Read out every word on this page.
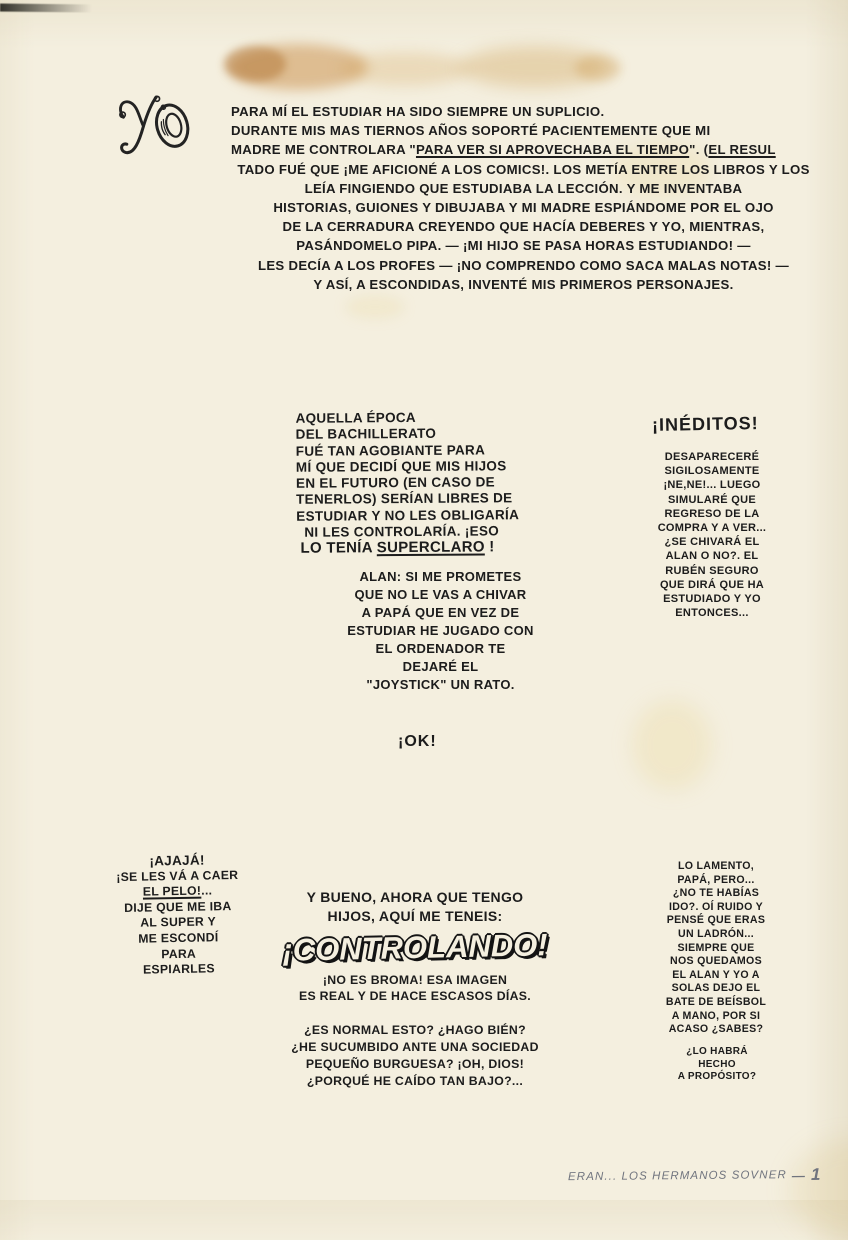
PARA MÍ EL ESTUDIAR HA SIDO SIEMPRE UN SUPLICIO.
DURANTE MIS MAS TIERNOS AÑOS SOPORTÉ PACIENTEMENTE QUE MI
MADRE ME CONTROLARA "PARA VER SI APROVECHABA EL TIEMPO". (EL RESUL
TADO FUÉ QUE ¡ME AFICIONÉ A LOS COMICS!. LOS METÍA ENTRE LOS LIBROS Y LOS
LEÍA FINGIENDO QUE ESTUDIABA LA LECCIÓN. Y ME INVENTABA
HISTORIAS, GUIONES Y DIBUJABA Y MI MADRE ESPIÁNDOME POR EL OJO
DE LA CERRADURA CREYENDO QUE HACÍA DEBERES Y YO, MIENTRAS,
PASÁNDOMELO PIPA. — ¡MI HIJO SE PASA HORAS ESTUDIANDO! —
LES DECÍA A LOS PROFES — ¡NO COMPRENDO COMO SACA MALAS NOTAS! —
Y ASÍ, A ESCONDIDAS, INVENTÉ MIS PRIMEROS PERSONAJES.
AQUELLA ÉPOCA
DEL BACHILLERATO
FUÉ TAN AGOBIANTE PARA
MÍ QUE DECIDÍ QUE MIS HIJOS
EN EL FUTURO (EN CASO DE
TENERLOS) SERÍAN LIBRES DE
ESTUDIAR Y NO LES OBLIGARÍA
NI LES CONTROLARÍA. ¡ESO
LO TENÍA SUPERCLARO !
¡INÉDITOS!
DESAPARECERÉ
SIGILOSAMENTE
¡NE,NE!... LUEGO
SIMULARÉ QUE
REGRESO DE LA
COMPRA Y A VER...
¿SE CHIVARÁ EL
ALAN O NO?. EL
RUBÉN SEGURO
QUE DIRÁ QUE HA
ESTUDIADO Y YO
ENTONCES...
ALAN: SI ME PROMETES
QUE NO LE VAS A CHIVAR
A PAPÁ QUE EN VEZ DE
ESTUDIAR HE JUGADO CON
EL ORDENADOR TE
DEJARÉ EL
"JOYSTICK" UN RATO.
¡OK!
¡AJAJÁ!
¡SE LES VÁ A CAER
EL PELO!...
DIJE QUE ME IBA
AL SUPER Y
ME ESCONDÍ
PARA
ESPIARLES
Y BUENO, AHORA QUE TENGO
HIJOS, AQUÍ ME TENEIS:
¡CONTROLANDO!
¡NO ES BROMA! ESA IMAGEN
ES REAL Y DE HACE ESCASOS DÍAS.
¿ES NORMAL ESTO? ¿HAGO BIÉN?
¿HE SUCUMBIDO ANTE UNA SOCIEDAD
PEQUEÑO BURGUESA? ¡OH, DIOS!
¿PORQUÉ HE CAÍDO TAN BAJO?...
LO LAMENTO,
PAPÁ, PERO...
¿NO TE HABÍAS
IDO?. OÍ RUIDO Y
PENSÉ QUE ERAS
UN LADRÓN...
SIEMPRE QUE
NOS QUEDAMOS
EL ALAN Y YO A
SOLAS DEJO EL
BATE DE BEÍSBOL
A MANO, POR SI
ACASO ¿SABES?
¿LO HABRÁ
HECHO
A PROPÓSITO?
ERAN... LOS HERMANOS SOVNER — 1
